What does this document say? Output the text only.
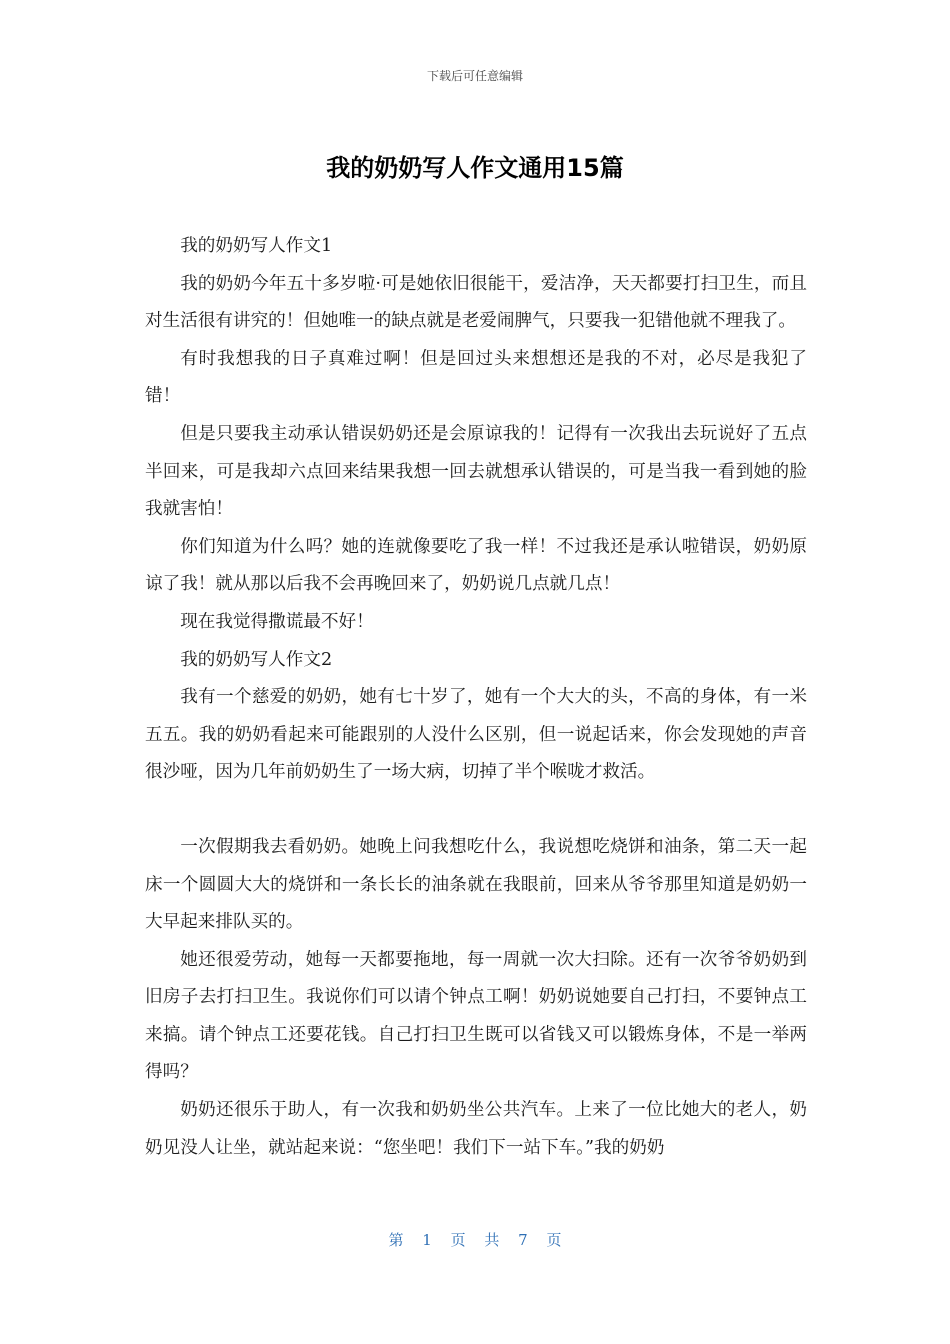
下载后可任意编辑
我的奶奶写人作文通用15篇

我的奶奶写人作文1

我的奶奶今年五十多岁啦·可是她依旧很能干，爱洁净，天天都要打扫卫生，而且对生活很有讲究的！但她唯一的缺点就是老爱闹脾气，只要我一犯错他就不理我了。

有时我想我的日子真难过啊！但是回过头来想想还是我的不对，必尽是我犯了错！

但是只要我主动承认错误奶奶还是会原谅我的！记得有一次我出去玩说好了五点半回来，可是我却六点回来结果我想一回去就想承认错误的，可是当我一看到她的脸我就害怕！

你们知道为什么吗？她的连就像要吃了我一样！不过我还是承认啦错误，奶奶原谅了我！就从那以后我不会再晚回来了，奶奶说几点就几点！

现在我觉得撒谎最不好！

我的奶奶写人作文2

我有一个慈爱的奶奶，她有七十岁了，她有一个大大的头，不高的身体，有一米五五。我的奶奶看起来可能跟别的人没什么区别，但一说起话来，你会发现她的声音很沙哑，因为几年前奶奶生了一场大病，切掉了半个喉咙才救活。

一次假期我去看奶奶。她晚上问我想吃什么，我说想吃烧饼和油条，第二天一起床一个圆圆大大的烧饼和一条长长的油条就在我眼前，回来从爷爷那里知道是奶奶一大早起来排队买的。

她还很爱劳动，她每一天都要拖地，每一周就一次大扫除。还有一次爷爷奶奶到旧房子去打扫卫生。我说你们可以请个钟点工啊！奶奶说她要自己打扫，不要钟点工来搞。请个钟点工还要花钱。自己打扫卫生既可以省钱又可以锻炼身体，不是一举两得吗？

奶奶还很乐于助人，有一次我和奶奶坐公共汽车。上来了一位比她大的老人，奶奶见没人让坐，就站起来说：“您坐吧！我们下一站下车。”我的奶奶

第 1 页 共 7 页
